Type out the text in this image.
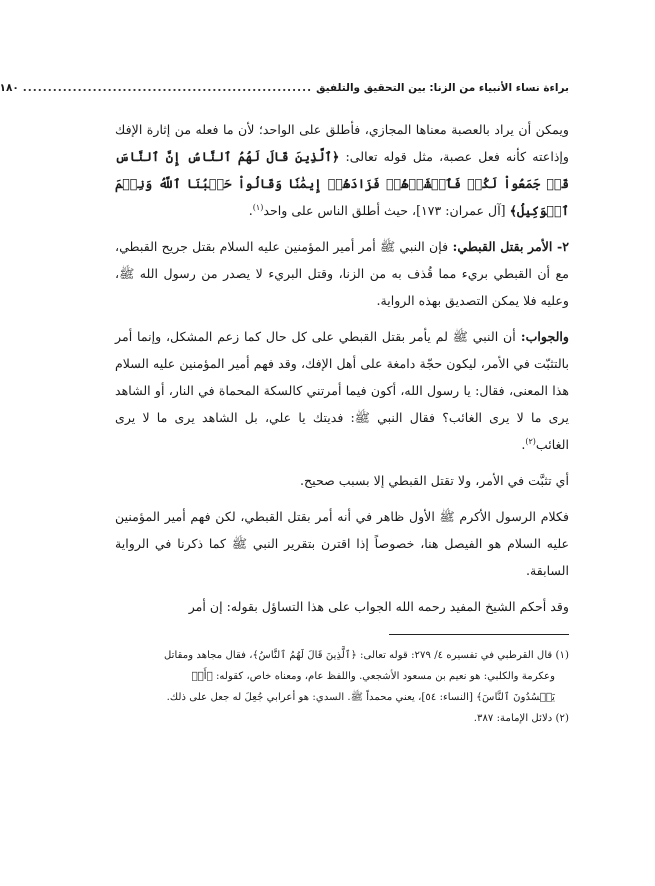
براءة نساء الأنبياء من الزنا: بين التحقيق والتلفيق
..........................................................
١٨٠

ويمكن أن يراد بالعصبة معناها المجازي، فأطلق على الواحد؛ لأن ما فعله من إثارة الإفك وإذاعته كأنه فعل عصبة، مثل قوله تعالى: ﴿ٱلَّذِينَ قَالَ لَهُمُ ٱلنَّاسُ إِنَّ ٱلنَّاسَ قَدۡ جَمَعُواْ لَكُمۡ فَٱخۡشَوۡهُمۡ فَزَادَهُمۡ إِيمَٰنٗا وَقَالُواْ حَسۡبُنَا ٱللَّهُ وَنِعۡمَ ٱلۡوَكِيلُ﴾ [آل عمران: ١٧٣]، حيث أطلق الناس على واحد$^{(١)}$.

٢- الأمر بقتل القبطي: فإن النبي ﷺ أمر أمير المؤمنين عليه السلام بقتل جريح القبطي، مع أن القبطي بريء مما قُذف به من الزنا، وقتل البريء لا يصدر من رسول الله ﷺ، وعليه فلا يمكن التصديق بهذه الرواية.

والجواب: أن النبي ﷺ لم يأمر بقتل القبطي على كل حال كما زعم المشكل، وإنما أمر بالتثبّت في الأمر، ليكون حجّة دامغة على أهل الإفك، وقد فهم أمير المؤمنين عليه السلام هذا المعنى، فقال: يا رسول الله، أكون فيما أمرتني كالسكة المحماة في النار، أو الشاهد يرى ما لا يرى الغائب؟ فقال النبي ﷺ: فديتك يا علي، بل الشاهد يرى ما لا يرى الغائب$^{(٢)}$.

أي تثبَّت في الأمر، ولا تقتل القبطي إلا بسبب صحيح.

فكلام الرسول الأكرم ﷺ الأول ظاهر في أنه أمر بقتل القبطي، لكن فهم أمير المؤمنين عليه السلام هو الفيصل هنا، خصوصاً إذا اقترن بتقرير النبي ﷺ كما ذكرنا في الرواية السابقة.

وقد أحكم الشيخ المفيد رحمه الله الجواب على هذا التساؤل بقوله: إن أمر

(١) قال القرطبي في تفسيره ٤/ ٢٧٩: قوله تعالى: ﴿ٱلَّذِينَ قَالَ لَهُمُ ٱلنَّاسُ﴾، فقال مجاهد ومقاتل

وعكرمة والكلبي: هو نعيم بن مسعود الأشجعي. واللفظ عام، ومعناه خاص، كقوله: ﴿أَمۡ

يَحۡسُدُونَ ٱلنَّاسَ﴾ [النساء: ٥٤]، يعني محمداً ﷺ. السدي: هو أعرابي جُعِلَ له جعل على ذلك.

(٢) دلائل الإمامة: ٣٨٧.
